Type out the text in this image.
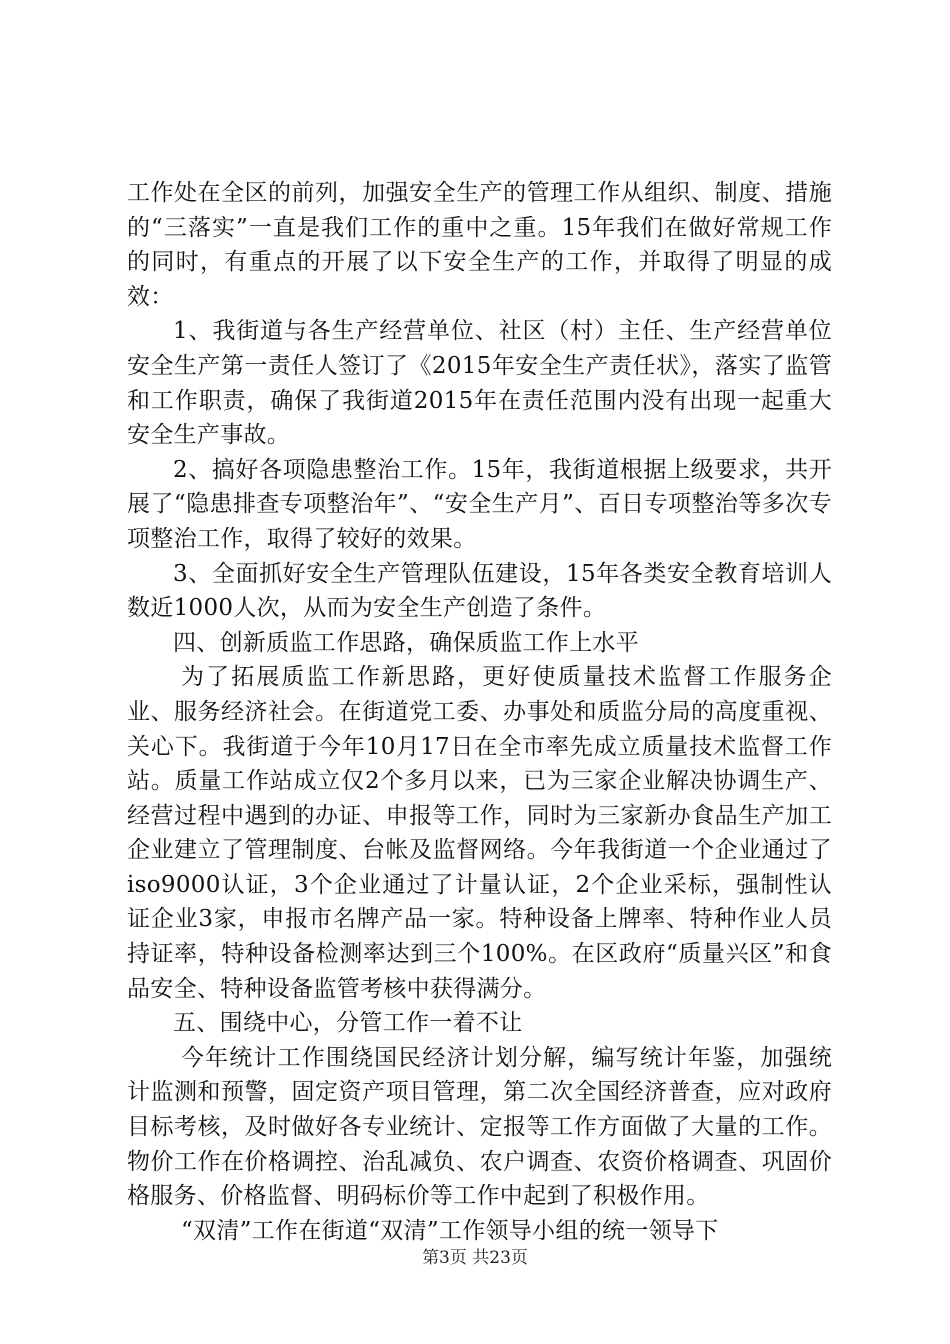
工作处在全区的前列，加强安全生产的管理工作从组织、制度、措施的“三落实”一直是我们工作的重中之重。15年我们在做好常规工作的同时，有重点的开展了以下安全生产的工作，并取得了明显的成效：

1、我街道与各生产经营单位、社区（村）主任、生产经营单位安全生产第一责任人签订了《2015年安全生产责任状》，落实了监管和工作职责，确保了我街道2015年在责任范围内没有出现一起重大安全生产事故。

2、搞好各项隐患整治工作。15年，我街道根据上级要求，共开展了“隐患排查专项整治年”、“安全生产月”、百日专项整治等多次专项整治工作，取得了较好的效果。

3、全面抓好安全生产管理队伍建设，15年各类安全教育培训人数近1000人次，从而为安全生产创造了条件。

四、创新质监工作思路，确保质监工作上水平

为了拓展质监工作新思路，更好使质量技术监督工作服务企业、服务经济社会。在街道党工委、办事处和质监分局的高度重视、关心下。我街道于今年10月17日在全市率先成立质量技术监督工作站。质量工作站成立仅2个多月以来，已为三家企业解决协调生产、经营过程中遇到的办证、申报等工作，同时为三家新办食品生产加工企业建立了管理制度、台帐及监督网络。今年我街道一个企业通过了iso9000认证，3个企业通过了计量认证，2个企业采标，强制性认证企业3家，申报市名牌产品一家。特种设备上牌率、特种作业人员持证率，特种设备检测率达到三个100%。在区政府“质量兴区”和食品安全、特种设备监管考核中获得满分。

五、围绕中心，分管工作一着不让

今年统计工作围绕国民经济计划分解，编写统计年鉴，加强统计监测和预警，固定资产项目管理，第二次全国经济普查，应对政府目标考核，及时做好各专业统计、定报等工作方面做了大量的工作。物价工作在价格调控、治乱减负、农户调查、农资价格调查、巩固价格服务、价格监督、明码标价等工作中起到了积极作用。

“双清”工作在街道“双清”工作领导小组的统一领导下

第3页 共23页
